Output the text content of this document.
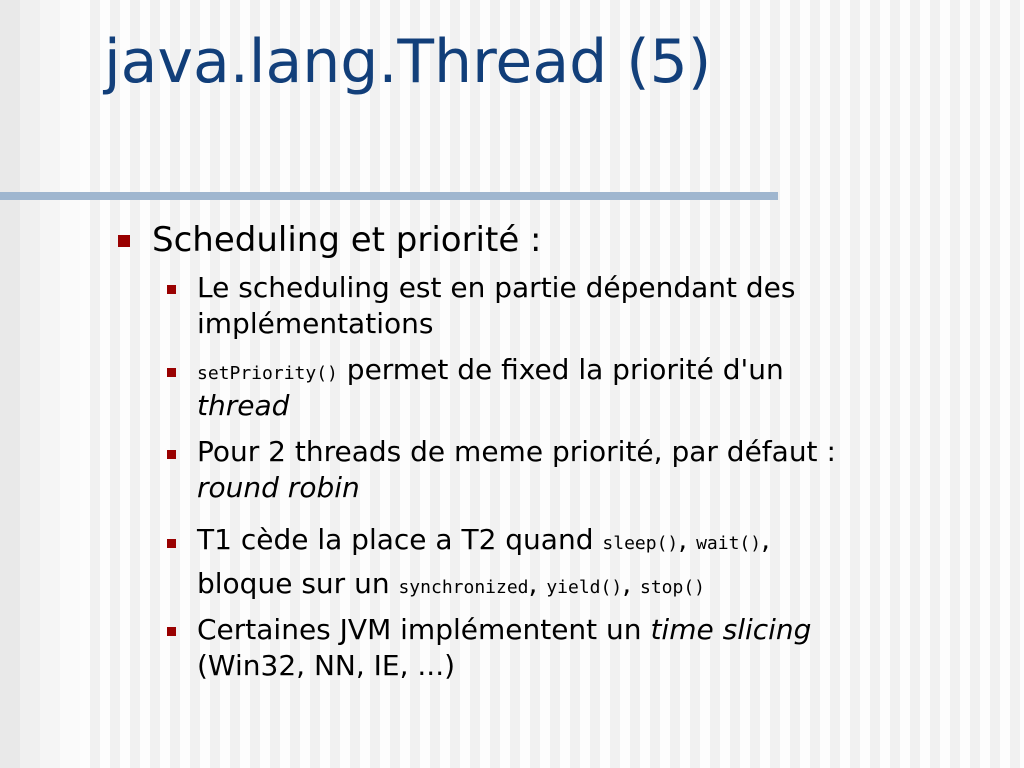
java.lang.Thread (5)
Scheduling et priorité :
Le scheduling est en partie dépendant des
implémentations
setPriority() permet de fixed la priorité d'un
thread
Pour 2 threads de meme priorité, par défaut :
round robin
T1 cède la place a T2 quand sleep(), wait(),
bloque sur un synchronized, yield(), stop()
Certaines JVM implémentent un time slicing
(Win32, NN, IE, ...)
